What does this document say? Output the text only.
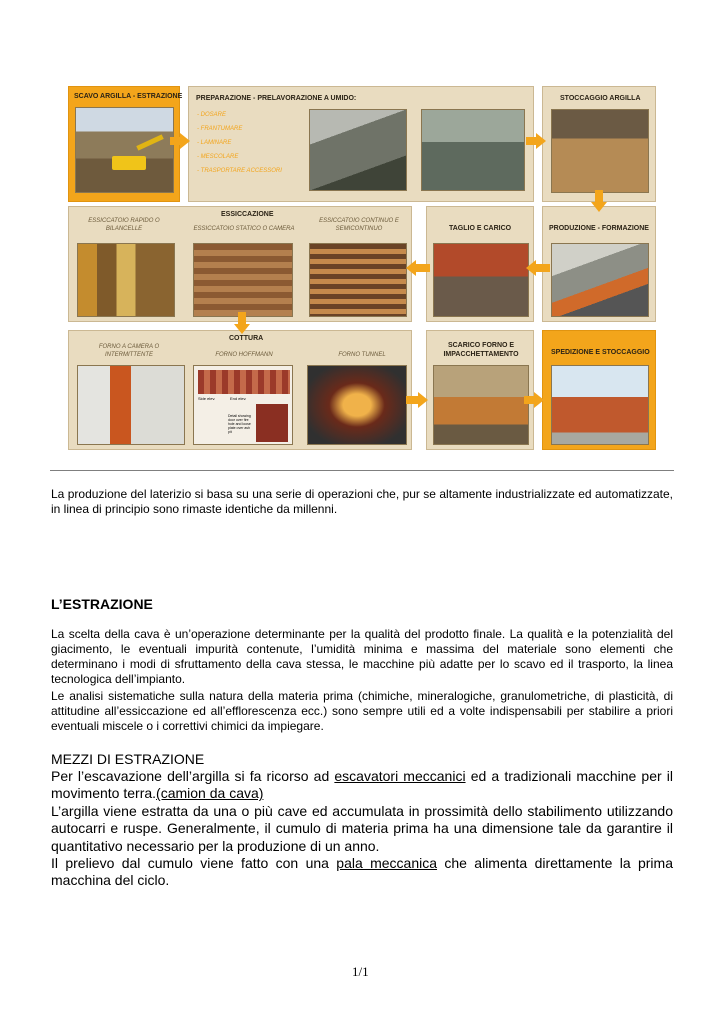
SCAVO ARGILLA - ESTRAZIONE PREPARAZIONE - PRELAVORAZIONE A UMIDO:
- DOSARE
- FRANTUMARE
- LAMINARE
- MESCOLARE
- TRASPORTARE ACCESSORI
STOCCAGGIO ARGILLA
ESSICCAZIONE
ESSICCATOIO RAPIDO O BILANCELLE	ESSICCATOIO STATICO O CAMERA
ESSICCATOIO CONTINUO E SEMICONTINUO	TAGLIO E CARICO	PRODUZIONE - FORMAZIONE
COTTURA
FORNO A CAMERA O INTERMITTENTE	FORNO HOFFMANN	FORNO TUNNEL
Side elev.	End elev.
Detail showing door over fire hole and loose plate over ash pit
SCARICO FORNO E IMPACCHETTAMENTO	SPEDIZIONE E STOCCAGGIO
La produzione del laterizio si basa su una serie di operazioni che, pur se altamente industrializzate ed automatizzate, in linea di principio sono rimaste identiche da millenni.
L’ESTRAZIONE
La scelta della cava è un’operazione determinante per la qualità del prodotto finale. La qualità e la potenzialità del giacimento, le eventuali impurità contenute, l’umidità minima e massima del materiale sono elementi che determinano i modi di sfruttamento della cava stessa, le macchine più adatte per lo scavo ed il trasporto, la linea tecnologica dell’impianto.
Le analisi sistematiche sulla natura della materia prima (chimiche, mineralogiche, granulometriche, di plasticità, di attitudine all’essiccazione ed all’efflorescenza ecc.) sono sempre utili ed a volte indispensabili per stabilire a priori eventuali miscele o i correttivi chimici da impiegare.
MEZZI DI ESTRAZIONE
Per l’escavazione dell’argilla si fa ricorso ad escavatori meccanici ed a tradizionali macchine per il movimento terra.(camion da cava)
L’argilla viene estratta da una o più cave ed accumulata in prossimità dello stabilimento utilizzando autocarri e ruspe. Generalmente, il cumulo di materia prima ha una dimensione tale da garantire il quantitativo necessario per la produzione di un anno.
Il prelievo dal cumulo viene fatto con una pala meccanica che alimenta direttamente la prima macchina del ciclo.
1/1
